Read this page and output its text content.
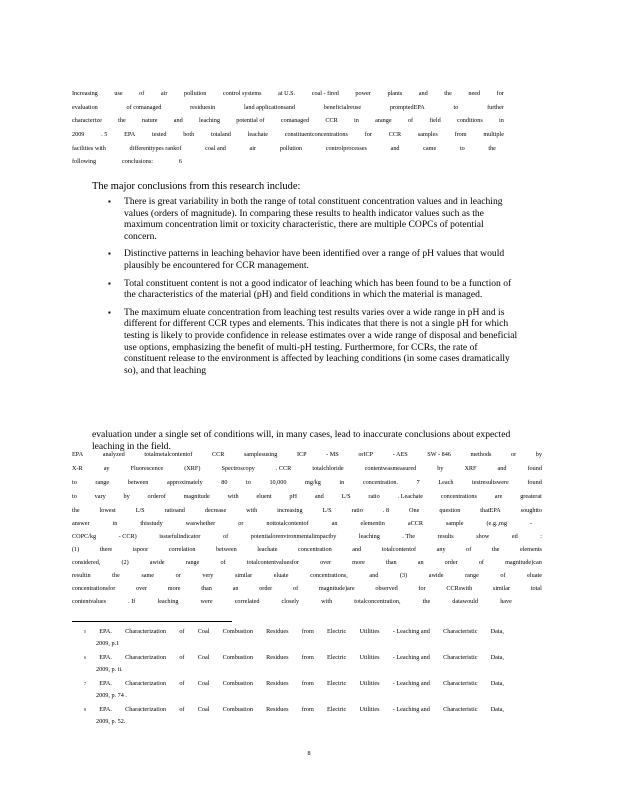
Increasing	use	of	air	pollution	control systems	at U.S.	coal - fired	power	plants	and	the	need	for
evaluation	of comanaged	residuesin	land applicationsand	beneficialreuse	promptedEPA	to	further
characterize	the	nature	and	leaching	potential of	comanaged	CCR	in	arange	of	field	conditions	in
2009	. 5	EPA	tested	both	totaland	leachate	constituentconcentrations	for	CCR	samples	from	multiple
facilities with	differenttypes rankof	coal and	air	pollution	controlprocesses	and	came	to	the
following	conclusions:	6
The major conclusions from this research include:
▪ There is great variability in both the range of total constituent concentration values and in leaching values (orders of magnitude). In comparing these results to health indicator values such as the maximum concentration limit or toxicity characteristic, there are multiple COPCs of potential concern.
▪ Distinctive patterns in leaching behavior have been identified over a range of pH values that would plausibly be encountered for CCR management.
▪ Total constituent content is not a good indicator of leaching which has been found to be a function of the characteristics of the material (pH) and field conditions in which the material is managed.
▪ The maximum eluate concentration from leaching test results varies over a wide range in pH and is different for different CCR types and elements. This indicates that there is not a single pH for which testing is likely to provide confidence in release estimates over a wide range of disposal and beneficial use options, emphasizing the benefit of multi-pH testing. Furthermore, for CCRs, the rate of constituent release to the environment is affected by leaching conditions (in some cases dramatically so), and that leaching
evaluation under a single set of conditions will, in many cases, lead to inaccurate conclusions about expected leaching in the field.
EPA	analyzed	totalmetalcontentof	CCR	samplesusing	ICP	- MS	orICP	- AES	SW - 846	methods	or	by
X-R	ay	Fluorescence	(XRF)	Spectroscopy	. CCR	totalchloride	contentwasmeasured	by	XRF	and	found
to	range	between	approximately	80	to	10,000	mg/kg	in	concentration.	7	Leach	testresultswere	found
to	vary	by	orderof	magnitude	with	eluent	pH	and	L/S	ratio	. Leachate	concentrations	are	greaterat
the	lowest	L/S	ratioand	decrease	with	increasing	L/S	ratio	. 8	One	question	thatEPA	soughtto
answer	in	thisstudy	waswhether	or	nottotalcontentof	an	elementin	aCCR	sample	(e.g.,mg	-
COPC/kg	- CCR)	issuefulindicator	of	potentialorenvironmentalimpactby	leaching	. The	results	show	ed	:
(1)	there	ispoor	correlation	between	leachate	concentration	and	totalcontentof	any	of	the	elements
considered,	(2)	awide	range	of	totalcontentvaluesfor	over	more	than	an	order	of	magnitude)can
resultin	the	same	or	very	similar	eluate	concentrations,	and	(3)	awide	range	of	eluate
concentrationsfor	over	more	than	an	order	of	magnitude)are	observed	for	CCRswith	similar	total
contentvalues	. If	leaching	were	correlated	closely	with	totalconcentration,	the	datawould	have
5 EPA. Characterization of Coal Combustion Residues from Electric Utilities - Leaching and Characteristic Data,
2009, p.1
6 EPA. Characterization of Coal Combustion Residues from Electric Utilities - Leaching and Characteristic Data,
2009, p. ii.
7 EPA. Characterization of Coal Combustion Residues from Electric Utilities - Leaching and Characteristic Data,
2009, p. 74 .
8 EPA. Characterization of Coal Combustion Residues from Electric Utilities - Leaching and Characteristic Data,
2009, p. 52.
8
